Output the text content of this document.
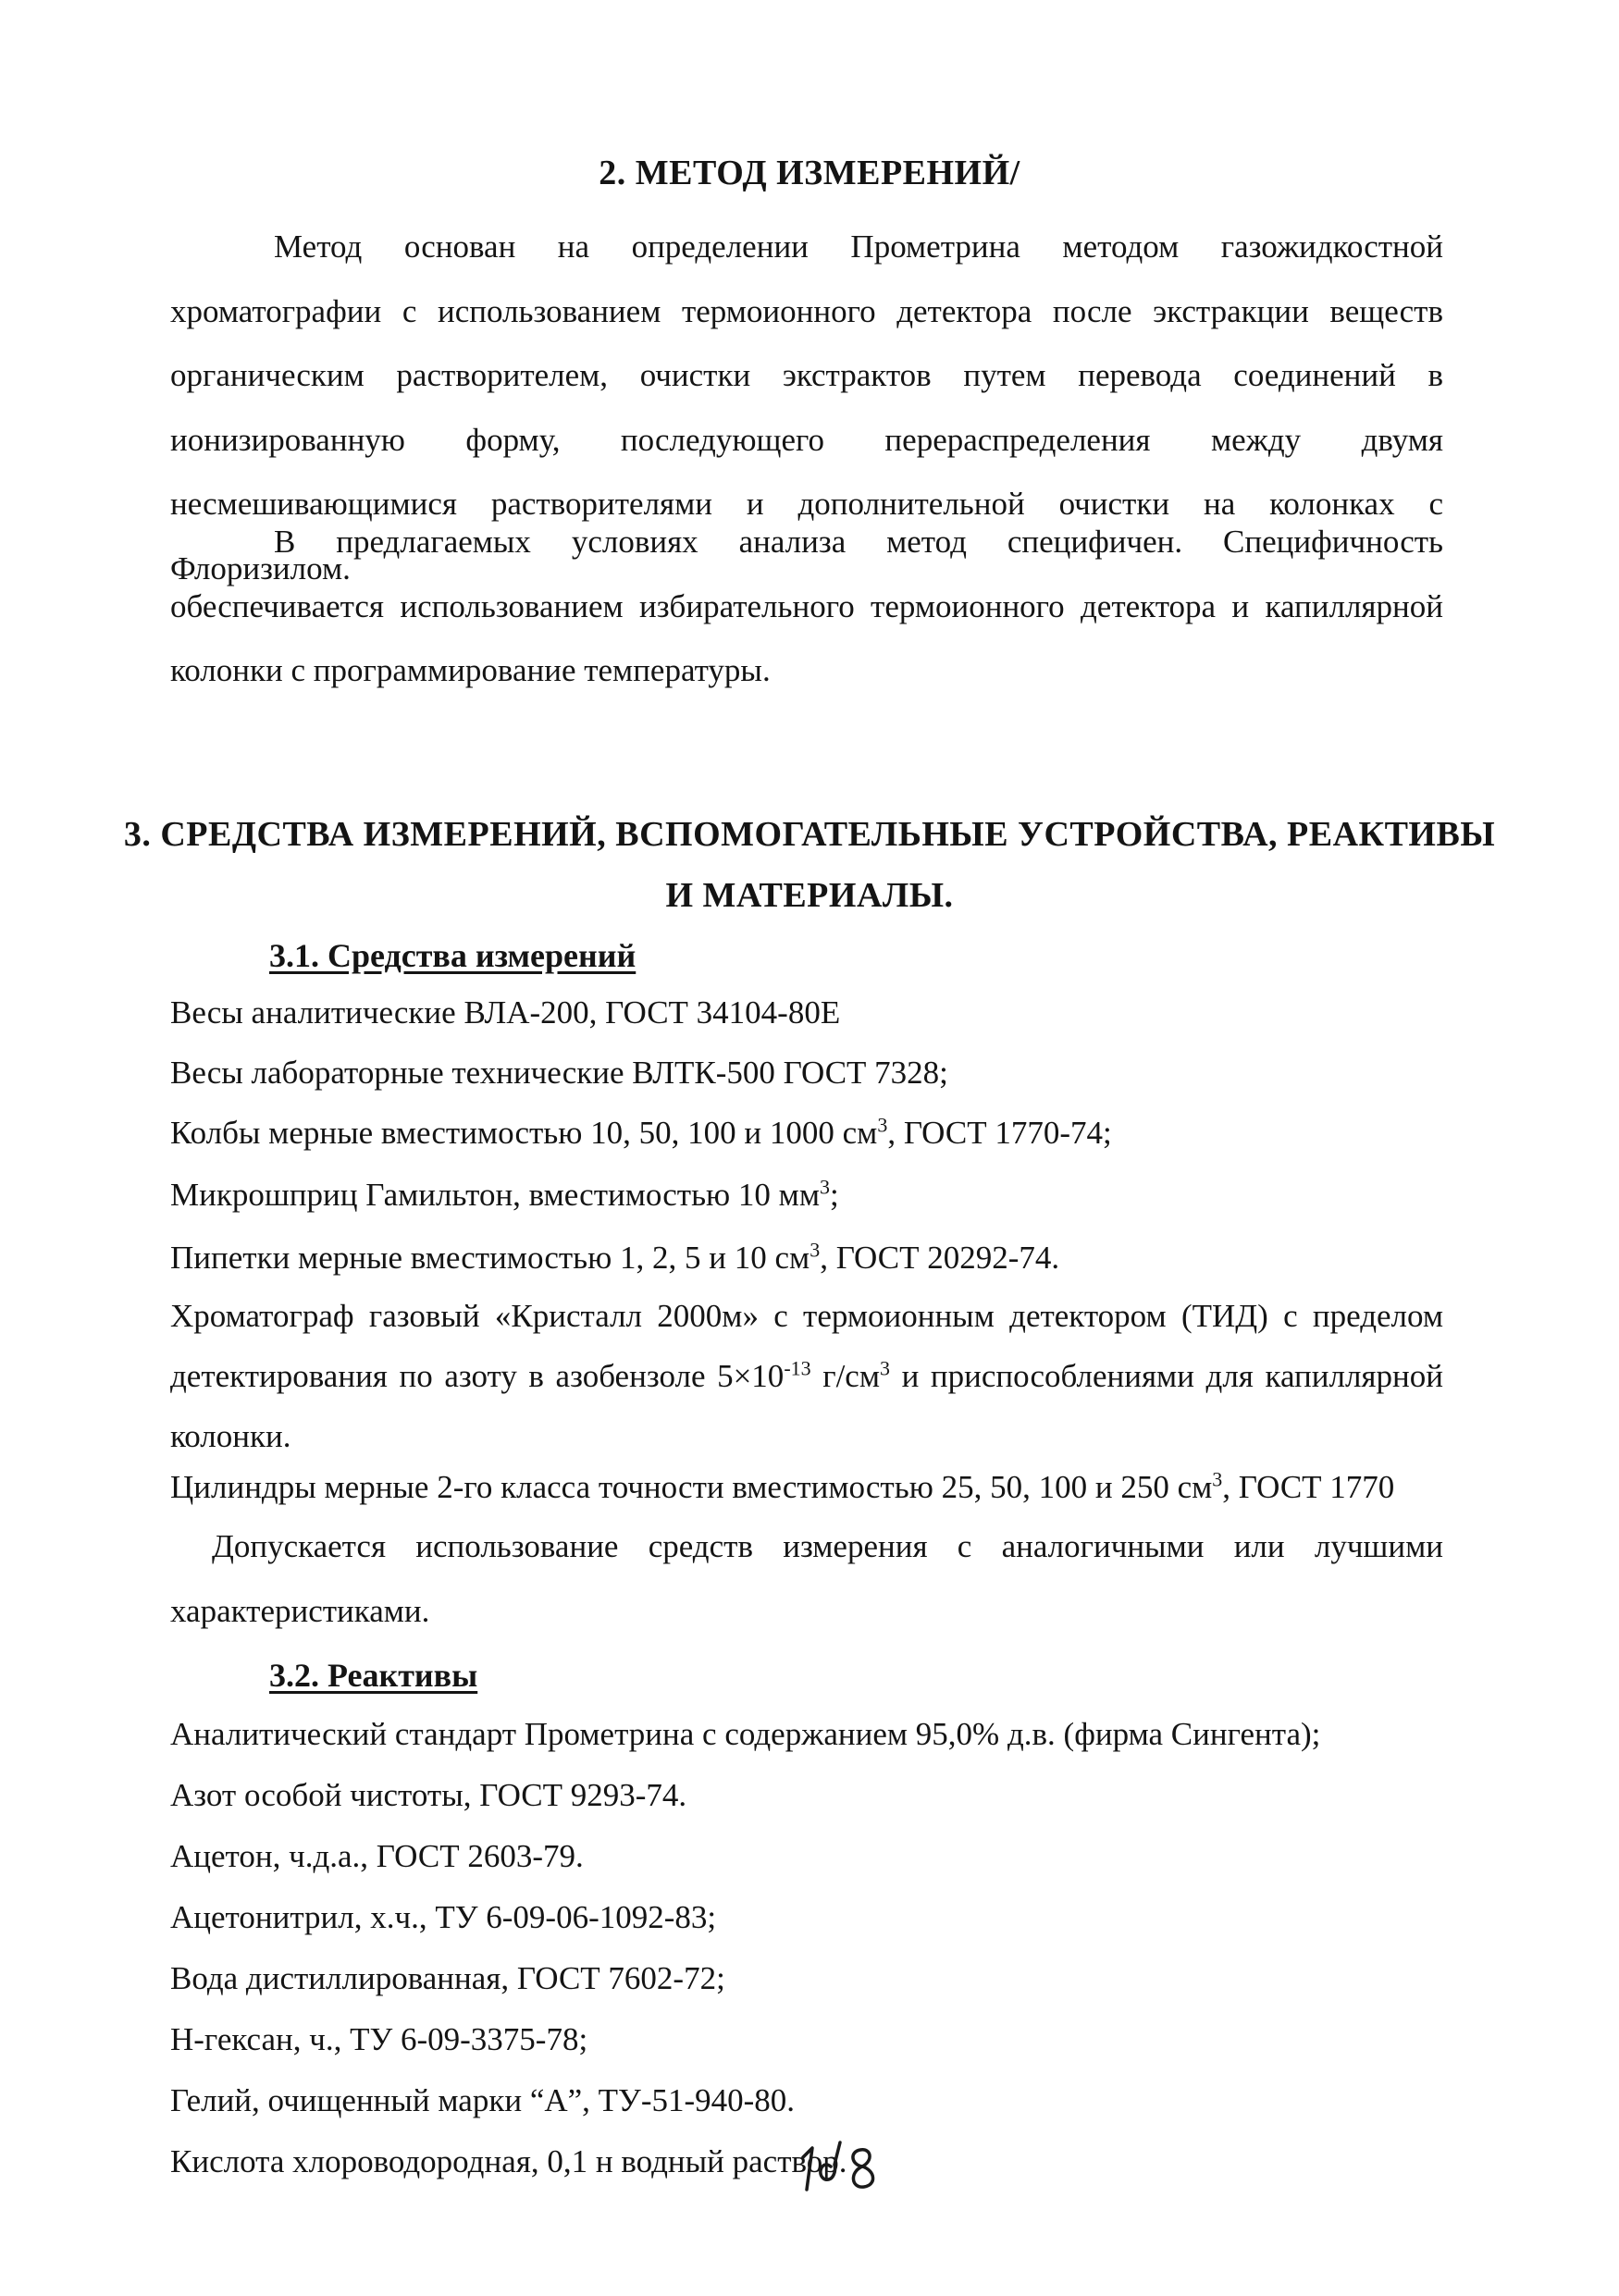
2. МЕТОД ИЗМЕРЕНИЙ/

Метод основан на определении Прометрина методом газожидкостной хроматографии с использованием термоионного детектора после экстракции веществ органическим растворителем, очистки экстрактов путем перевода соединений в ионизированную форму, последующего перераспределения между двумя несмешивающимися растворителями и дополнительной очистки на колонках с Флоризилом.

В предлагаемых условиях анализа метод специфичен. Специфичность обеспечивается использованием избирательного термоионного детектора и капиллярной колонки с программирование температуры.

3. СРЕДСТВА ИЗМЕРЕНИЙ, ВСПОМОГАТЕЛЬНЫЕ УСТРОЙСТВА, РЕАКТИВЫ
И МАТЕРИАЛЫ.
3.1. Средства измерений
Весы аналитические ВЛА-200, ГОСТ 34104-80Е
Весы лабораторные технические ВЛТК-500 ГОСТ 7328;
Колбы мерные вместимостью 10, 50, 100 и 1000 $см^3$, ГОСТ 1770-74;
Микрошприц Гамильтон, вместимостью 10 $мм^3$;
Пипетки мерные вместимостью 1, 2, 5 и 10 $см^3$, ГОСТ 20292-74.

Хроматограф газовый «Кристалл 2000м» с термоионным детектором (ТИД) с пределом детектирования по азоту в азобензоле $5\times 10^{-13}$ $г/см^3$ и приспособлениями для капиллярной колонки.

Цилиндры мерные 2-го класса точности вместимостью 25, 50, 100 и 250 $см^3$, ГОСТ 1770

Допускается использование средств измерения с аналогичными или лучшими характеристиками.

3.2. Реактивы
Аналитический стандарт Прометрина с содержанием 95,0% д.в. (фирма Сингента);
Азот особой чистоты, ГОСТ 9293-74.
Ацетон, ч.д.а., ГОСТ 2603-79.
Ацетонитрил, х.ч., ТУ 6-09-06-1092-83;
Вода дистиллированная, ГОСТ 7602-72;
Н-гексан, ч., ТУ 6-09-3375-78;
Гелий, очищенный марки “А”, ТУ-51-940-80.
Кислота хлороводородная, 0,1 н водный раствор.
